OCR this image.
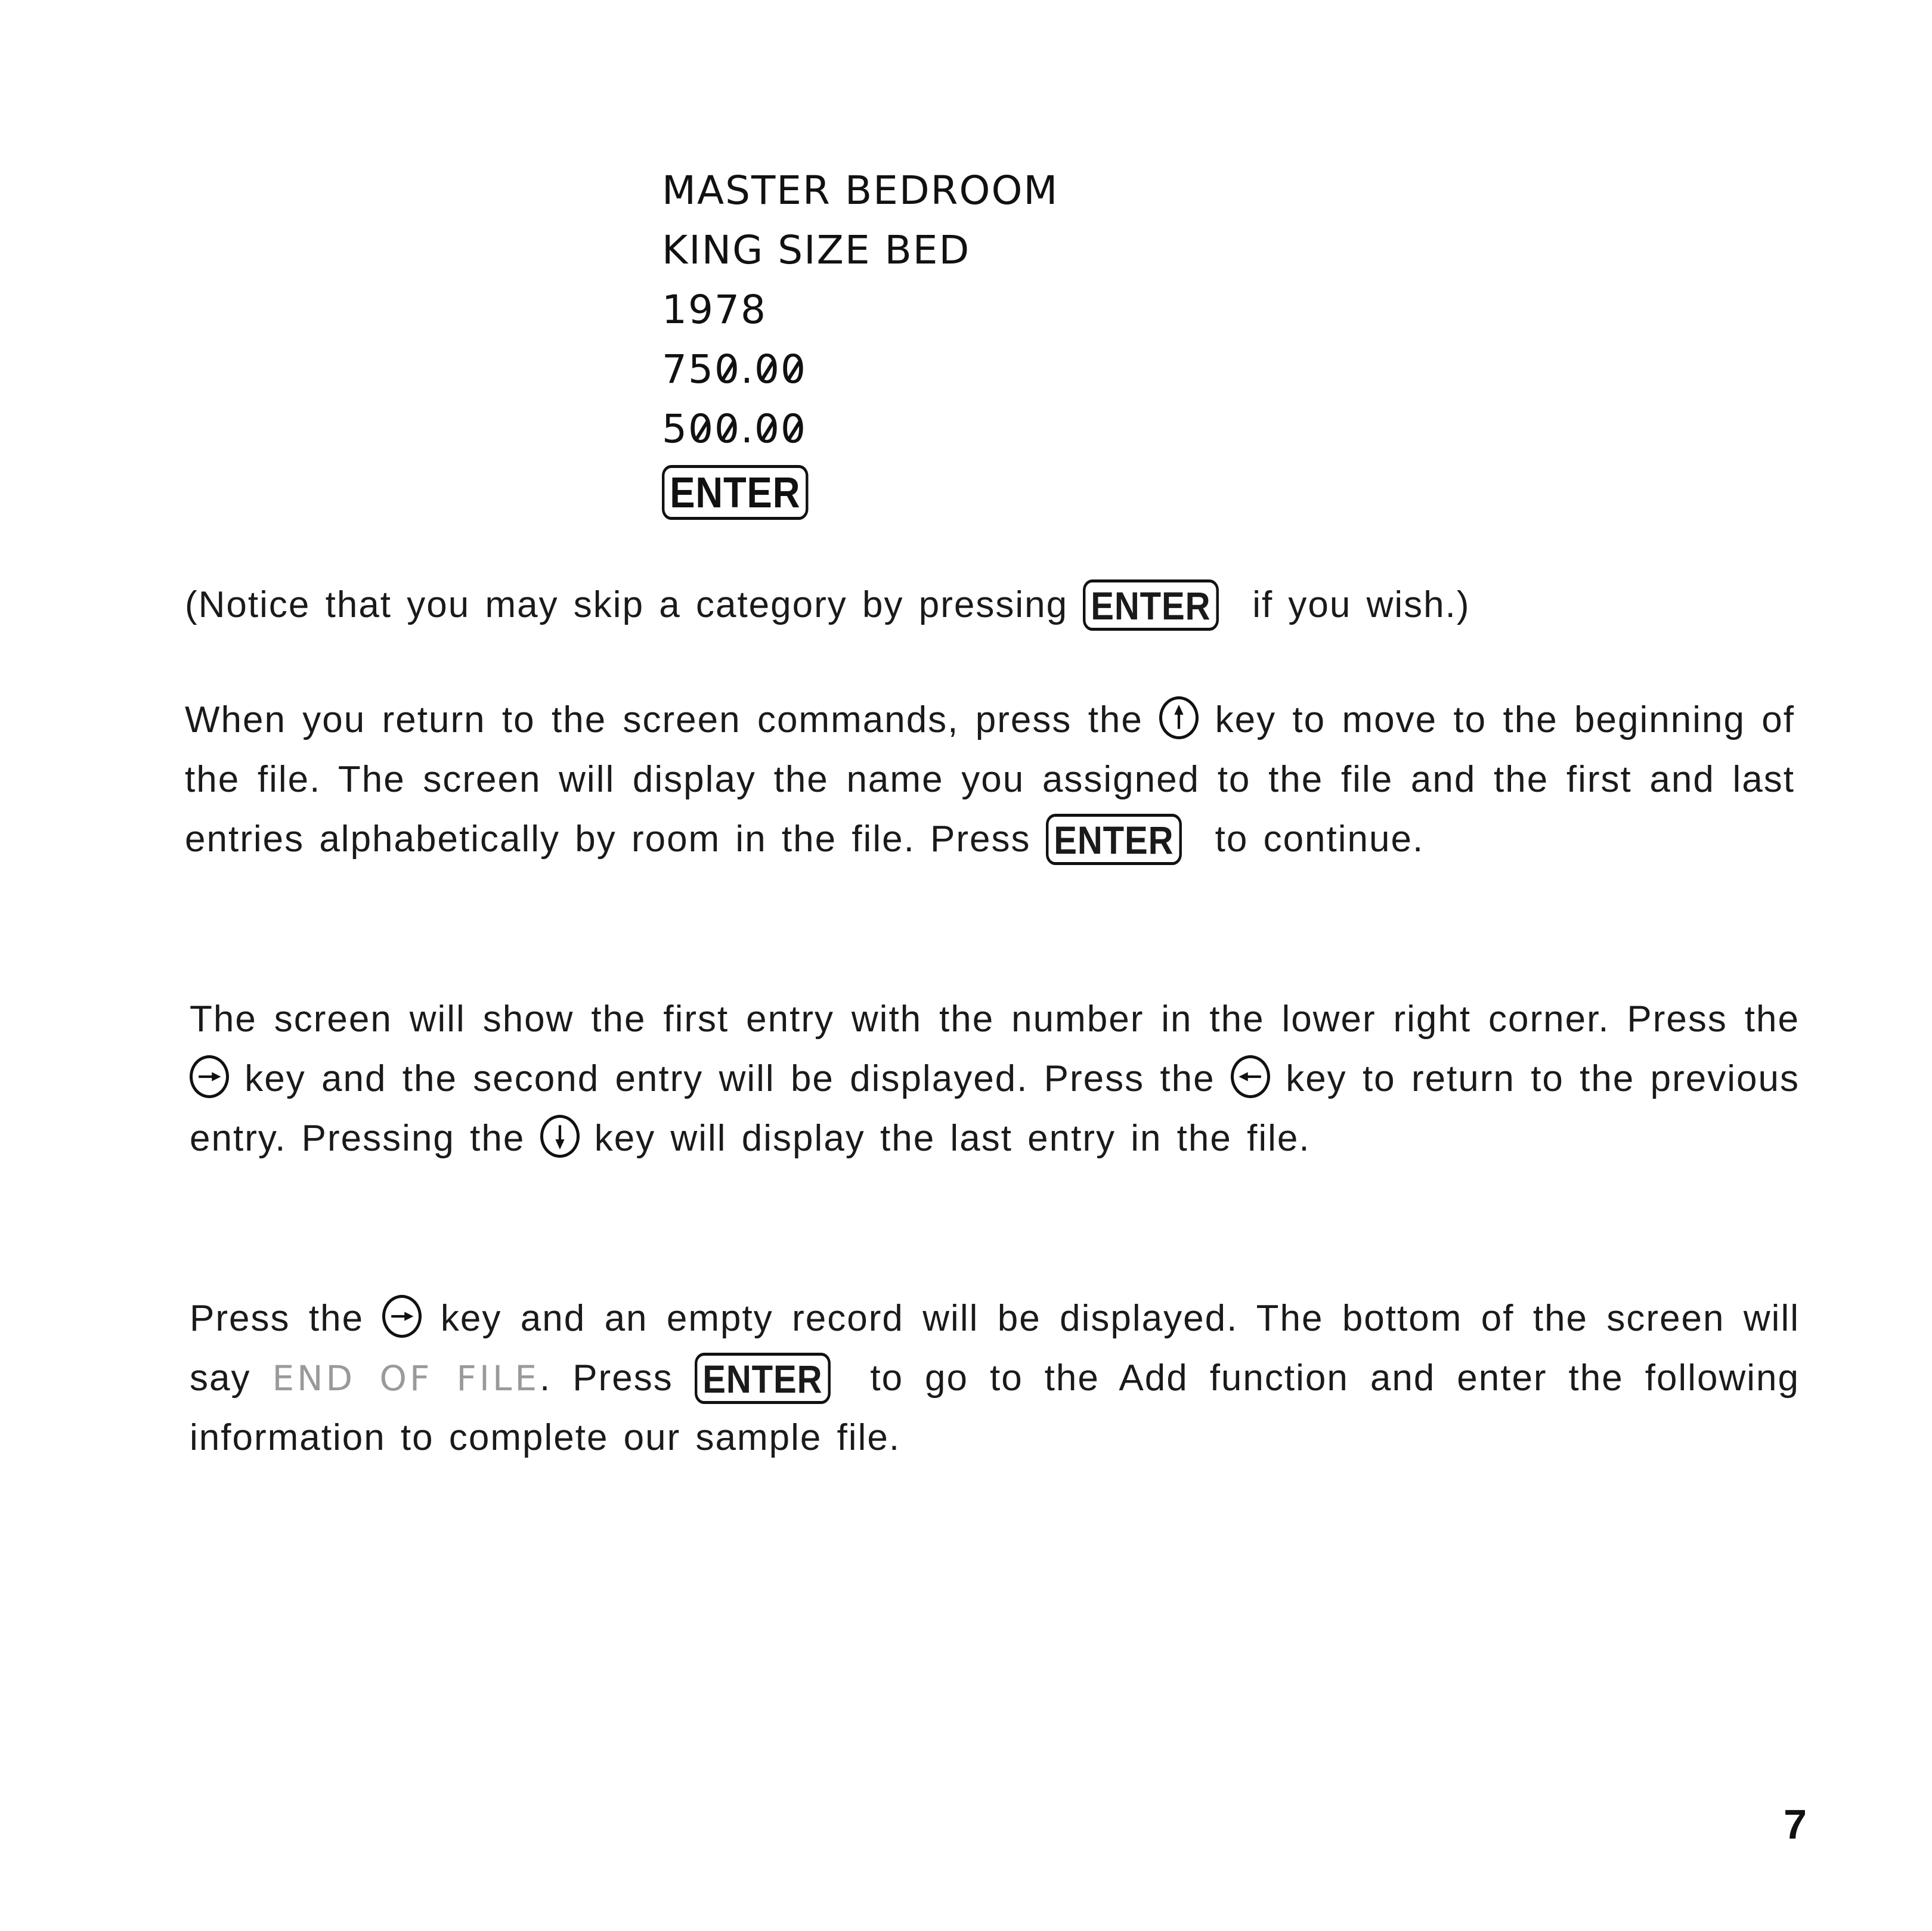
MASTER BEDROOM
KING SIZE BED
1978
750.00
500.00
ENTER
(Notice that you may skip a category by pressing ENTER if you wish.)
When you return to the screen commands, press the
key to move to the beginning of the file. The screen will display the name you assigned to the file and the first and last entries alphabetically by room in the file. Press ENTER to continue.
The screen will show the first entry with the number in the lower right corner. Press the
key and the second entry will be displayed. Press the
key to return to the previous entry. Pressing the
key will display the last entry in the file.
Press the
key and an empty record will be displayed. The bottom of the screen will say END OF FILE. Press ENTER to go to the Add function and enter the following information to complete our sample file.
7
